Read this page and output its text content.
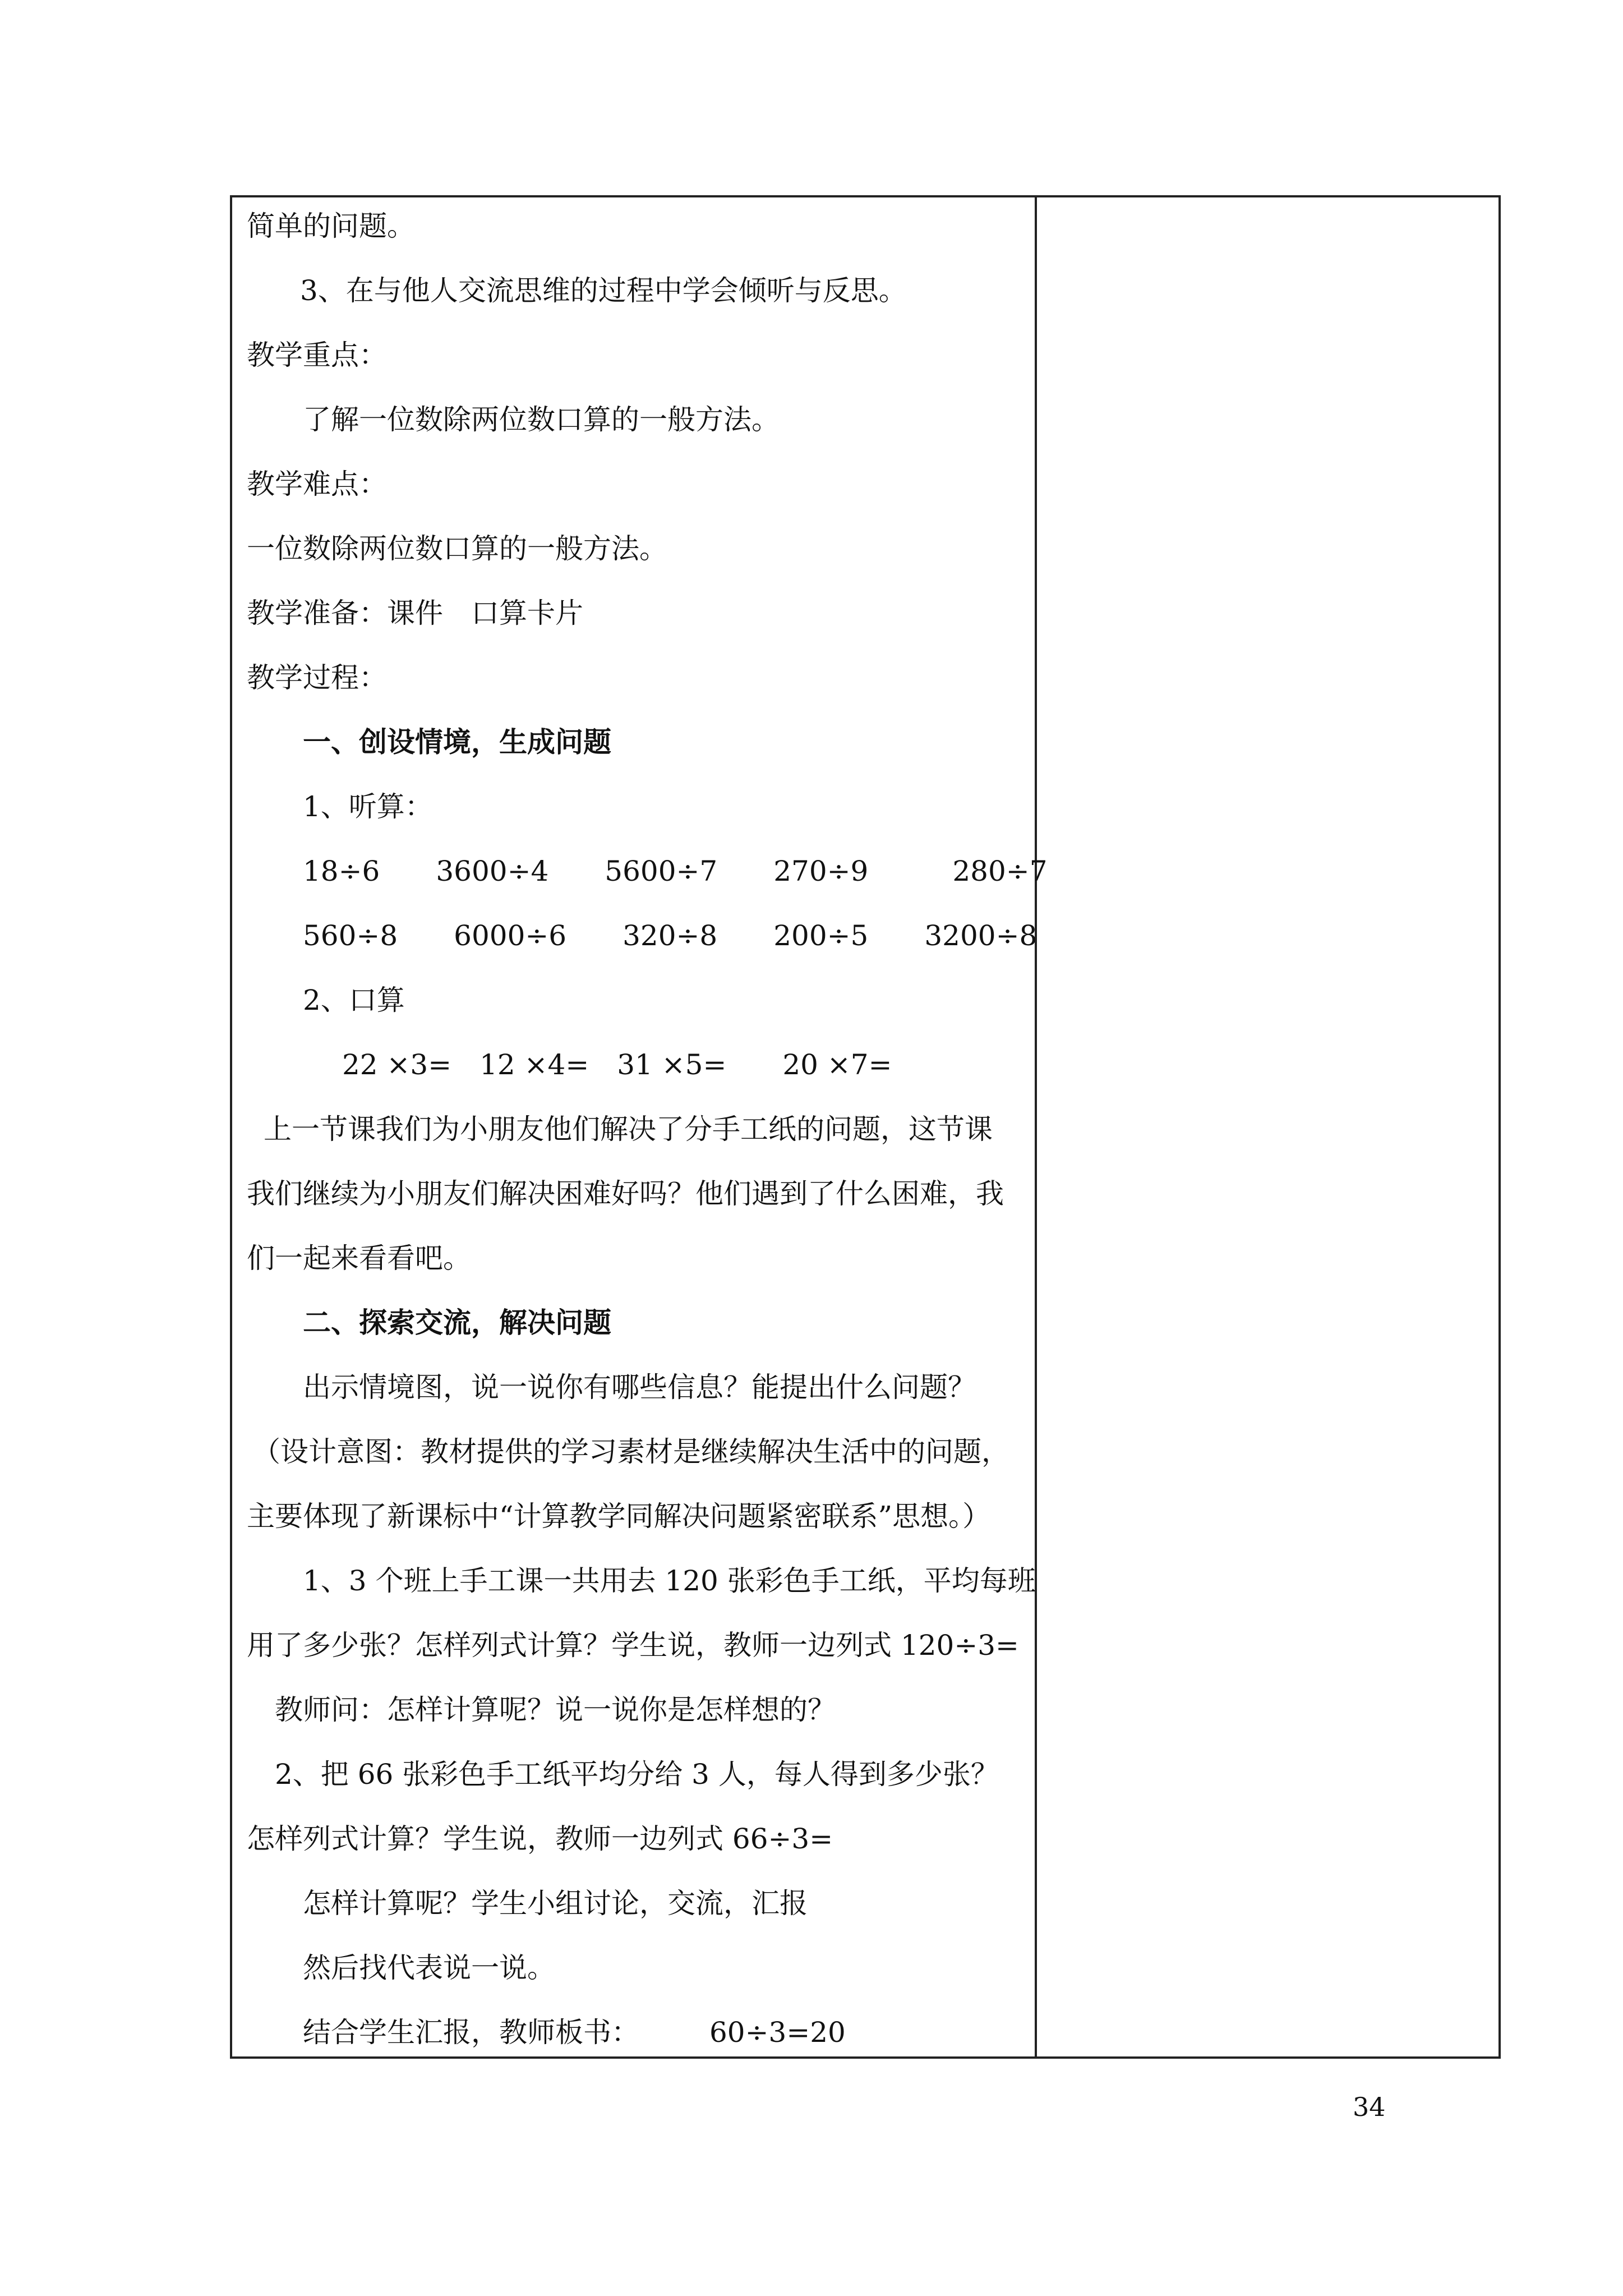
简单的问题。
3、在与他人交流思维的过程中学会倾听与反思。
教学重点：
了解一位数除两位数口算的一般方法。
教学难点：
一位数除两位数口算的一般方法。
教学准备：课件　口算卡片
教学过程：
一、创设情境，生成问题
1、听算：
18÷6　　3600÷4　　5600÷7　　270÷9　　　280÷7
560÷8　　6000÷6　　320÷8　　200÷5　　3200÷8
2、口算
22 ×3=　12 ×4=　31 ×5=　　20 ×7=
上一节课我们为小朋友他们解决了分手工纸的问题，这节课
我们继续为小朋友们解决困难好吗？他们遇到了什么困难，我
们一起来看看吧。
二、探索交流，解决问题
出示情境图，说一说你有哪些信息？能提出什么问题？
（设计意图：教材提供的学习素材是继续解决生活中的问题，
主要体现了新课标中“计算教学同解决问题紧密联系”思想。）
1、3 个班上手工课一共用去 120 张彩色手工纸，平均每班
用了多少张？怎样列式计算？学生说，教师一边列式 120÷3=
教师问：怎样计算呢？说一说你是怎样想的？
2、把 66 张彩色手工纸平均分给 3 人，每人得到多少张？
怎样列式计算？学生说，教师一边列式 66÷3=
怎样计算呢？学生小组讨论，交流，汇报
然后找代表说一说。
结合学生汇报，教师板书：　　　60÷3=20
34
